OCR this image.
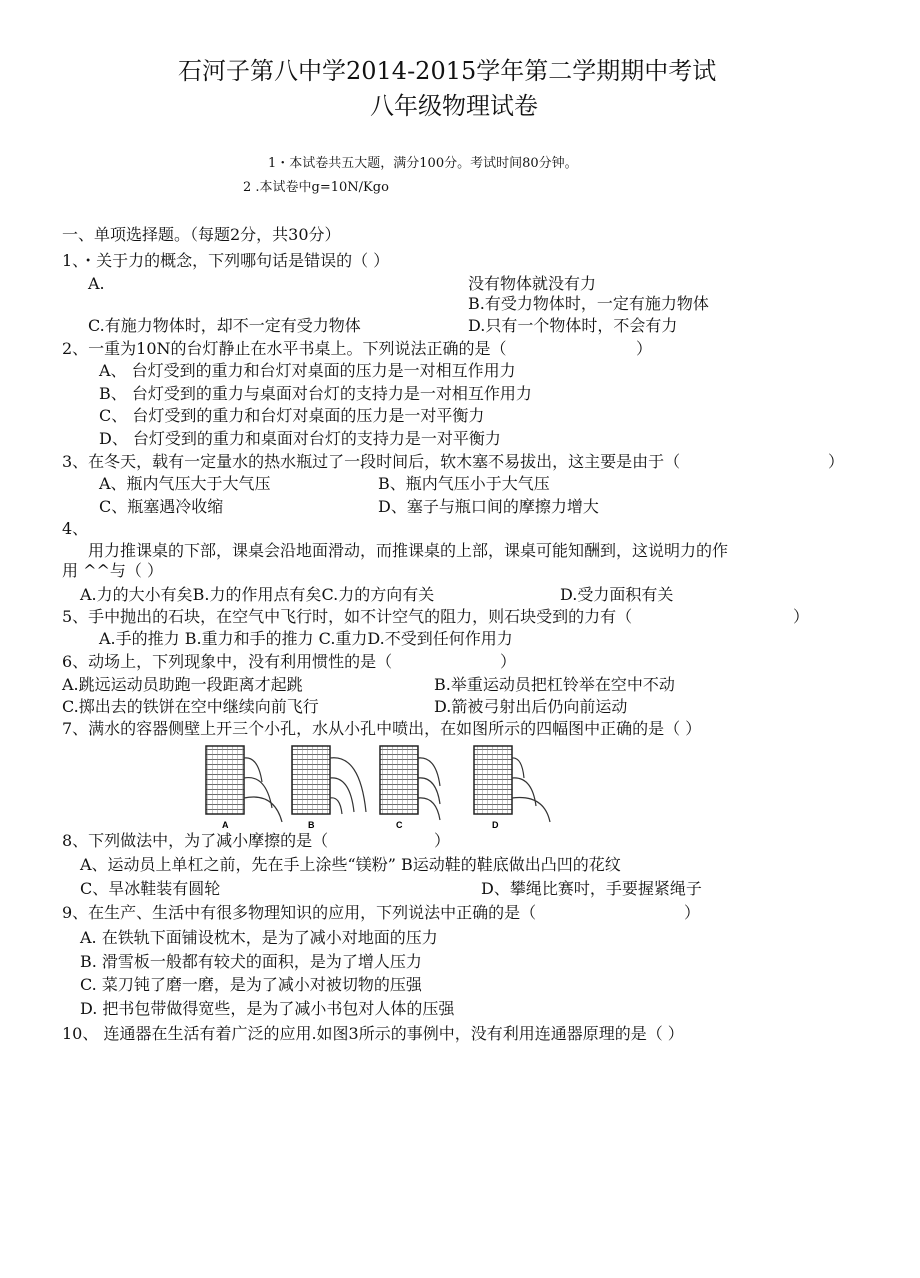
石河子第八中学2014-2015学年第二学期期中考试
八年级物理试卷
1・本试卷共五大题，满分100分。考试时间80分钟。
2 .本试卷中g=10N/Kgo
一、单项选择题。（每题2分，共30分）
1、・关于力的概念，下列哪句话是错误的（ ）
A.	没有物体就没有力
B.有受力物体时，一定有施力物体
C.有施力物体时，却不一定有受力物体	D.只有一个物体时，不会有力
2、一重为10N的台灯静止在水平书桌上。下列说法正确的是（	）
A、 台灯受到的重力和台灯对桌面的压力是一对相互作用力
B、 台灯受到的重力与桌面对台灯的支持力是一对相互作用力
C、 台灯受到的重力和台灯对桌面的压力是一对平衡力
D、 台灯受到的重力和桌面对台灯的支持力是一对平衡力
3、在冬天，载有一定量水的热水瓶过了一段时间后，软木塞不易拔出，这主要是由于（	）
A、瓶内气压大于大气压	B、瓶内气压小于大气压
C、瓶塞遇冷收缩	D、塞子与瓶口间的摩擦力增大
4、
用力推课桌的下部，课桌会沿地面滑动，而推课桌的上部，课桌可能知酬到，这说明力的作
用 ^^与（ ）
A.力的大小有矣B.力的作用点有矣C.力的方向有关	D.受力面积有关
5、手中抛出的石块，在空气中飞行时，如不计空气的阻力，则石块受到的力有（	）
A.手的推力 B.重力和手的推力 C.重力D.不受到任何作用力
6、动场上，下列现象中，没有利用惯性的是（	）
A.跳远运动员助跑一段距离才起跳	B.举重运动员把杠铃举在空中不动
C.掷出去的铁饼在空中继续向前飞行	D.箭被弓射出后仍向前运动
7、满水的容器侧壁上开三个小孔，水从小孔中喷出，在如图所示的四幅图中正确的是（ ）
A	B	C	D
8、下列做法中，为了减小摩擦的是（	）
A、运动员上单杠之前，先在手上涂些“镁粉” B运动鞋的鞋底做出凸凹的花纹
C、旱冰鞋装有圆轮	D、攀绳比赛吋，手要握紧绳子
9、在生产、生活中有很多物理知识的应用，下列说法中正确的是（	）
A. 在铁轨下面铺设枕木，是为了减小对地面的压力
B. 滑雪板一般都有较犬的面积，是为了增人压力
C. 菜刀钝了磨一磨，是为了减小对被切物的压强
D. 把书包带做得宽些，是为了减小书包对人体的压强
10、 连通器在生活有着广泛的应用.如图3所示的事例中，没有利用连通器原理的是（ ）
